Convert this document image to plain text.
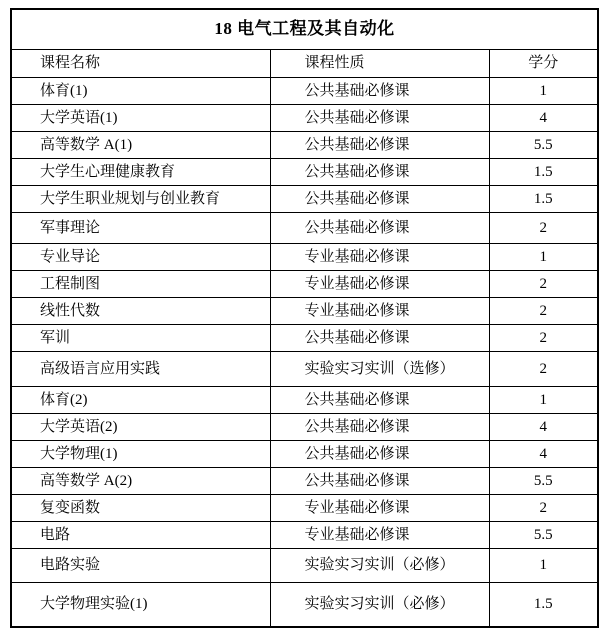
18 电气工程及其自动化		
课程名称	课程性质	学分
体育(1)	公共基础必修课	1
大学英语(1)	公共基础必修课	4
高等数学 A(1)	公共基础必修课	5.5
大学生心理健康教育	公共基础必修课	1.5
大学生职业规划与创业教育	公共基础必修课	1.5
军事理论	公共基础必修课	2
专业导论	专业基础必修课	1
工程制图	专业基础必修课	2
线性代数	专业基础必修课	2
军训	公共基础必修课	2
高级语言应用实践	实验实习实训（选修）	2
体育(2)	公共基础必修课	1
大学英语(2)	公共基础必修课	4
大学物理(1)	公共基础必修课	4
高等数学 A(2)	公共基础必修课	5.5
复变函数	专业基础必修课	2
电路	专业基础必修课	5.5
电路实验	实验实习实训（必修）	1
大学物理实验(1)	实验实习实训（必修）	1.5
